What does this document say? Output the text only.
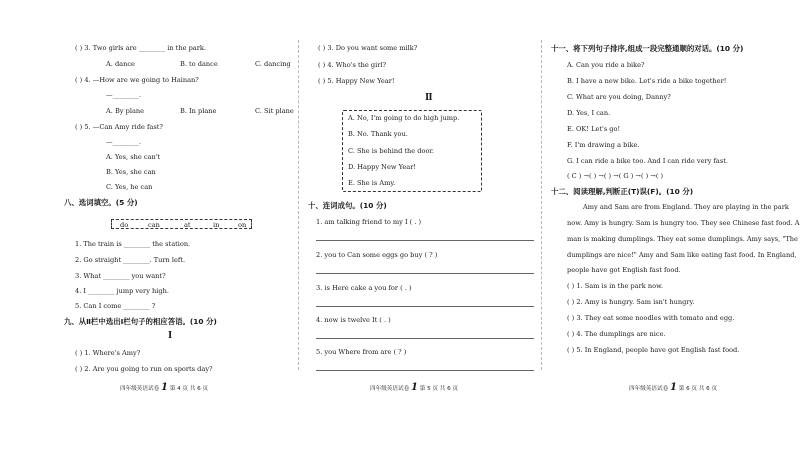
( ) 3. Two girls are ________ in the park.
A. dance	B. to dance	C. dancing
( ) 4. —How are we going to Hainan?
—________.
A. By plane	B. In plane	C. Sit plane
( ) 5. —Can Amy ride fast?
—________.
A. Yes, she can't
B. Yes, she can
C. Yes, he can
八、选词填空。(5 分)
do	can	at	in	on
1. The train is ________ the station.
2. Go straight ________. Turn left.
3. What ________ you want?
4. I ________ jump very high.
5. Can I come ________ ?
九、从Ⅱ栏中选出Ⅰ栏句子的相应答语。(10 分)
Ⅰ
( ) 1. Where's Amy?
( ) 2. Are you going to run on sports day?
四年级英语试卷 1 第 4 页 共 6 页
( ) 3. Do you want some milk?
( ) 4. Who's the girl?
( ) 5. Happy New Year!
Ⅱ
A. No, I'm going to do high jump.
B. No. Thank you.
C. She is behind the door.
D. Happy New Year!
E. She is Amy.
十、连词成句。(10 分)
1. am talking friend to my I ( . )
2. you to Can some eggs go buy ( ? )
3. is Here cake a you for ( . )
4. now is twelve It ( . )
5. you Where from are ( ? )
四年级英语试卷 1 第 5 页 共 6 页
十一、将下列句子排序,组成一段完整通顺的对话。(10 分)
A. Can you ride a bike?
B. I have a new bike. Let's ride a bike together!
C. What are you doing, Danny?
D. Yes, I can.
E. OK! Let's go!
F. I'm drawing a bike.
G. I can ride a bike too. And I can ride very fast.
( C ) →( ) →( ) →( G ) →( ) →( )
十二、阅读理解,判断正(T)误(F)。(10 分)
Amy and Sam are from England. They are playing in the park
now. Amy is hungry. Sam is hungry too. They see Chinese fast food. A
man is making dumplings. They eat some dumplings. Amy says, "The
dumplings are nice!" Amy and Sam like eating fast food. In England,
people have got English fast food.
( ) 1. Sam is in the park now.
( ) 2. Amy is hungry. Sam isn't hungry.
( ) 3. They eat some noodles with tomato and egg.
( ) 4. The dumplings are nice.
( ) 5. In England, people have got English fast food.
四年级英语试卷 1 第 6 页 共 6 页
